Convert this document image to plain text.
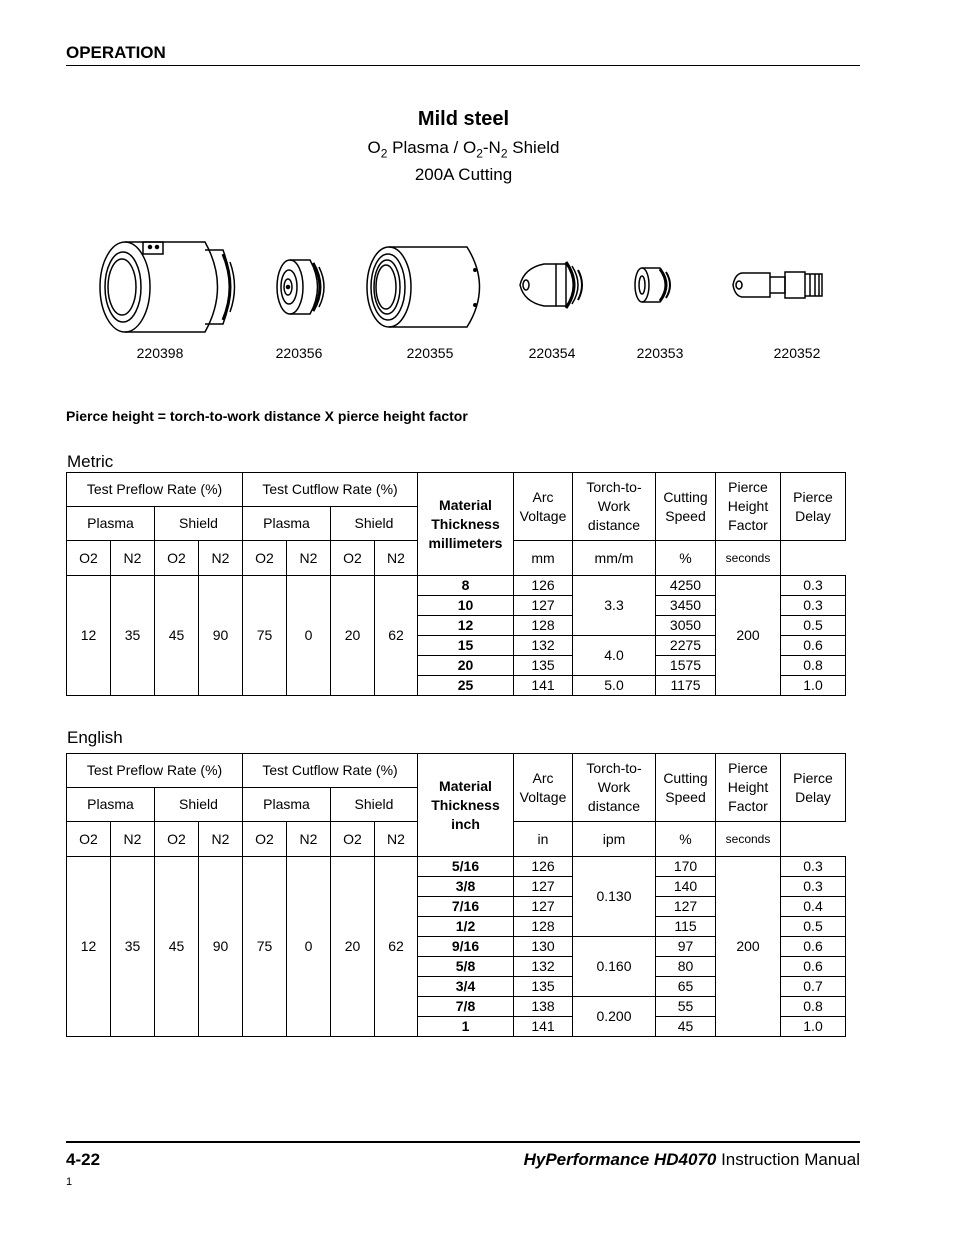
OPERATION
Mild steel
$O_2$ Plasma / $O_2-N_2$ Shield
200A Cutting
220398	220356	220355	220354	220353	220352
Pierce height = torch-to-work distance X pierce height factor
Metric
Test Preflow Rate (%)				Test Cutflow Rate (%)				Material Thickness millimeters	Arc Voltage	Torch-to-Work distance	Cutting Speed	Pierce Height Factor	Pierce Delay
Plasma		Shield		Plasma		Shield							
O2	N2	O2	N2	O2	N2	O2	N2		mm	mm/m	%	seconds	
12	35	45	90	75	0	20	62	8	126	3.3	4250	200	0.3
								10	127		3450		0.3
								12	128		3050		0.5
								15	132	4.0	2275		0.6
								20	135		1575		0.8
								25	141	5.0	1175		1.0
English
Test Preflow Rate (%)				Test Cutflow Rate (%)				Material Thickness inch	Arc Voltage	Torch-to-Work distance	Cutting Speed	Pierce Height Factor	Pierce Delay
Plasma		Shield		Plasma		Shield							
O2	N2	O2	N2	O2	N2	O2	N2		in	ipm	%	seconds	
12	35	45	90	75	0	20	62	5/16	126	0.130	170	200	0.3
								3/8	127		140		0.3
								7/16	127		127		0.4
								1/2	128		115		0.5
								9/16	130	0.160	97		0.6
								5/8	132		80		0.6
								3/4	135		65		0.7
								7/8	138	0.200	55		0.8
								1	141		45		1.0
4-22	HyPerformance HD4070 Instruction Manual
1
